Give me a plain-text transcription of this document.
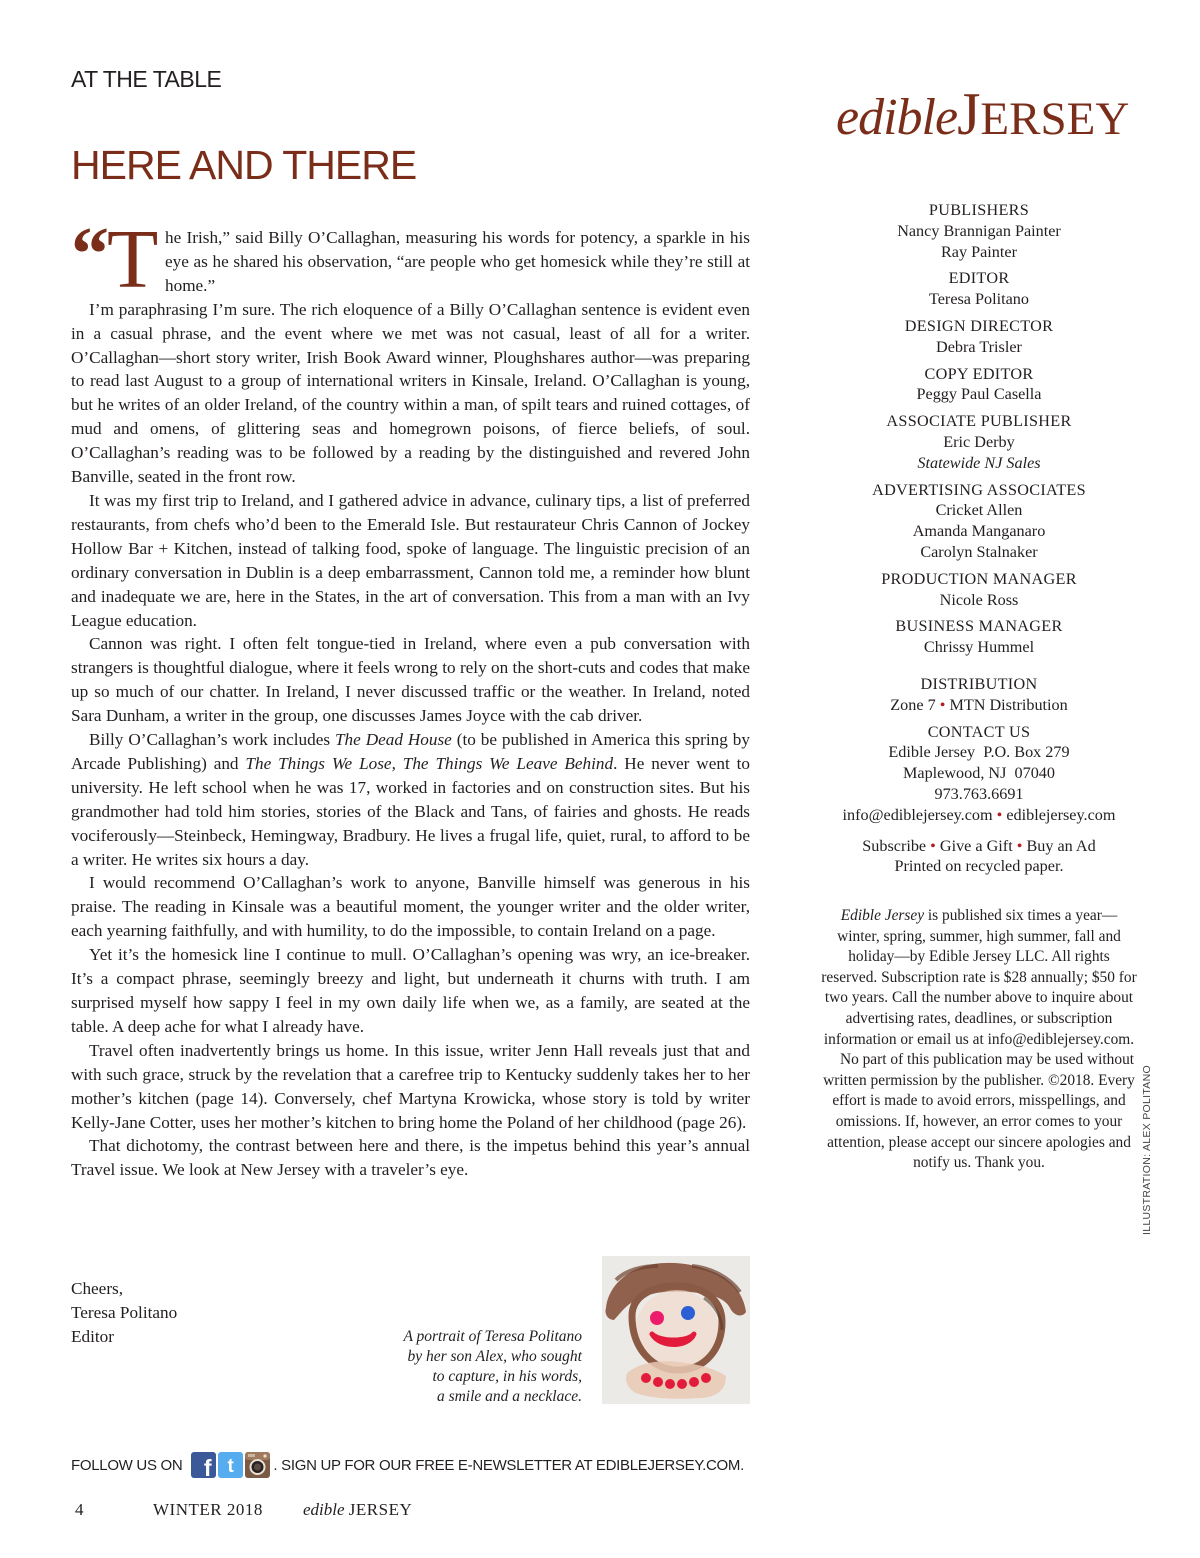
AT THE TABLE
HERE AND THERE
edibleJERSEY

“
T he Irish,” said Billy O’Callaghan, measuring his words for potency, a sparkle in his eye as he shared his observation, “are people who get homesick while they’re still at home.”

I’m paraphrasing I’m sure. The rich eloquence of a Billy O’Callaghan sentence is evident even in a casual phrase, and the event where we met was not casual, least of all for a writer. O’Callaghan—short story writer, Irish Book Award winner, Ploughshares author—was preparing to read last August to a group of international writers in Kinsale, Ireland. O’Callaghan is young, but he writes of an older Ireland, of the country within a man, of spilt tears and ruined cottages, of mud and omens, of glittering seas and homegrown poisons, of fierce beliefs, of soul. O’Callaghan’s reading was to be followed by a reading by the distinguished and revered John Banville, seated in the front row.

It was my first trip to Ireland, and I gathered advice in advance, culinary tips, a list of preferred restaurants, from chefs who’d been to the Emerald Isle. But restaurateur Chris Cannon of Jockey Hollow Bar + Kitchen, instead of talking food, spoke of language. The linguistic precision of an ordinary conversation in Dublin is a deep embarrassment, Cannon told me, a reminder how blunt and inadequate we are, here in the States, in the art of conversation. This from a man with an Ivy League education.

Cannon was right. I often felt tongue-tied in Ireland, where even a pub conversation with strangers is thoughtful dialogue, where it feels wrong to rely on the short-cuts and codes that make up so much of our chatter. In Ireland, I never discussed traffic or the weather. In Ireland, noted Sara Dunham, a writer in the group, one discusses James Joyce with the cab driver.

Billy O’Callaghan’s work includes The Dead House (to be published in America this spring by Arcade Publishing) and The Things We Lose, The Things We Leave Behind. He never went to university. He left school when he was 17, worked in factories and on construction sites. But his grandmother had told him stories, stories of the Black and Tans, of fairies and ghosts. He reads vociferously—Steinbeck, Hemingway, Bradbury. He lives a frugal life, quiet, rural, to afford to be a writer. He writes six hours a day.

I would recommend O’Callaghan’s work to anyone, Banville himself was generous in his praise. The reading in Kinsale was a beautiful moment, the younger writer and the older writer, each yearning faithfully, and with humility, to do the impossible, to contain Ireland on a page.

Yet it’s the homesick line I continue to mull. O’Callaghan’s opening was wry, an ice-breaker. It’s a compact phrase, seemingly breezy and light, but underneath it churns with truth. I am surprised myself how sappy I feel in my own daily life when we, as a family, are seated at the table. A deep ache for what I already have.

Travel often inadvertently brings us home. In this issue, writer Jenn Hall reveals just that and with such grace, struck by the revelation that a carefree trip to Kentucky suddenly takes her to her mother’s kitchen (page 14). Conversely, chef Martyna Krowicka, whose story is told by writer Kelly-Jane Cotter, uses her mother’s kitchen to bring home the Poland of her childhood (page 26).

That dichotomy, the contrast between here and there, is the impetus behind this year’s annual Travel issue. We look at New Jersey with a traveler’s eye.

Cheers,
Teresa Politano
Editor	A portrait of Teresa Politano
by her son Alex, who sought
to capture, in his words,
a smile and a necklace.
PUBLISHERS
Nancy Brannigan Painter
Ray Painter
EDITOR
Teresa Politano
DESIGN DIRECTOR
Debra Trisler
COPY EDITOR
Peggy Paul Casella
ASSOCIATE PUBLISHER
Eric Derby
Statewide NJ Sales
ADVERTISING ASSOCIATES
Cricket Allen
Amanda Manganaro
Carolyn Stalnaker
PRODUCTION MANAGER
Nicole Ross
BUSINESS MANAGER
Chrissy Hummel
DISTRIBUTION
Zone 7 • MTN Distribution
CONTACT US
Edible Jersey  P.O. Box 279
Maplewood, NJ  07040
973.763.6691
info@ediblejersey.com • ediblejersey.com
Subscribe • Give a Gift • Buy an Ad
Printed on recycled paper.
Edible Jersey is published six times a year—winter, spring, summer, high summer, fall and holiday—by Edible Jersey LLC. All rights reserved. Subscription rate is $28 annually; $50 for two years. Call the number above to inquire about advertising rates, deadlines, or subscription information or email us at info@ediblejersey.com.
No part of this publication may be used without written permission by the publisher. ©2018. Every effort is made to avoid errors, misspellings, and omissions. If, however, an error comes to your attention, please accept our sincere apologies and notify us. Thank you.	ILLUSTRATION: ALEX POLITANO
FOLLOW US ON f t	. SIGN UP FOR OUR FREE E-NEWSLETTER AT EDIBLEJERSEY.COM.
4	WINTER 2018 edible JERSEY
